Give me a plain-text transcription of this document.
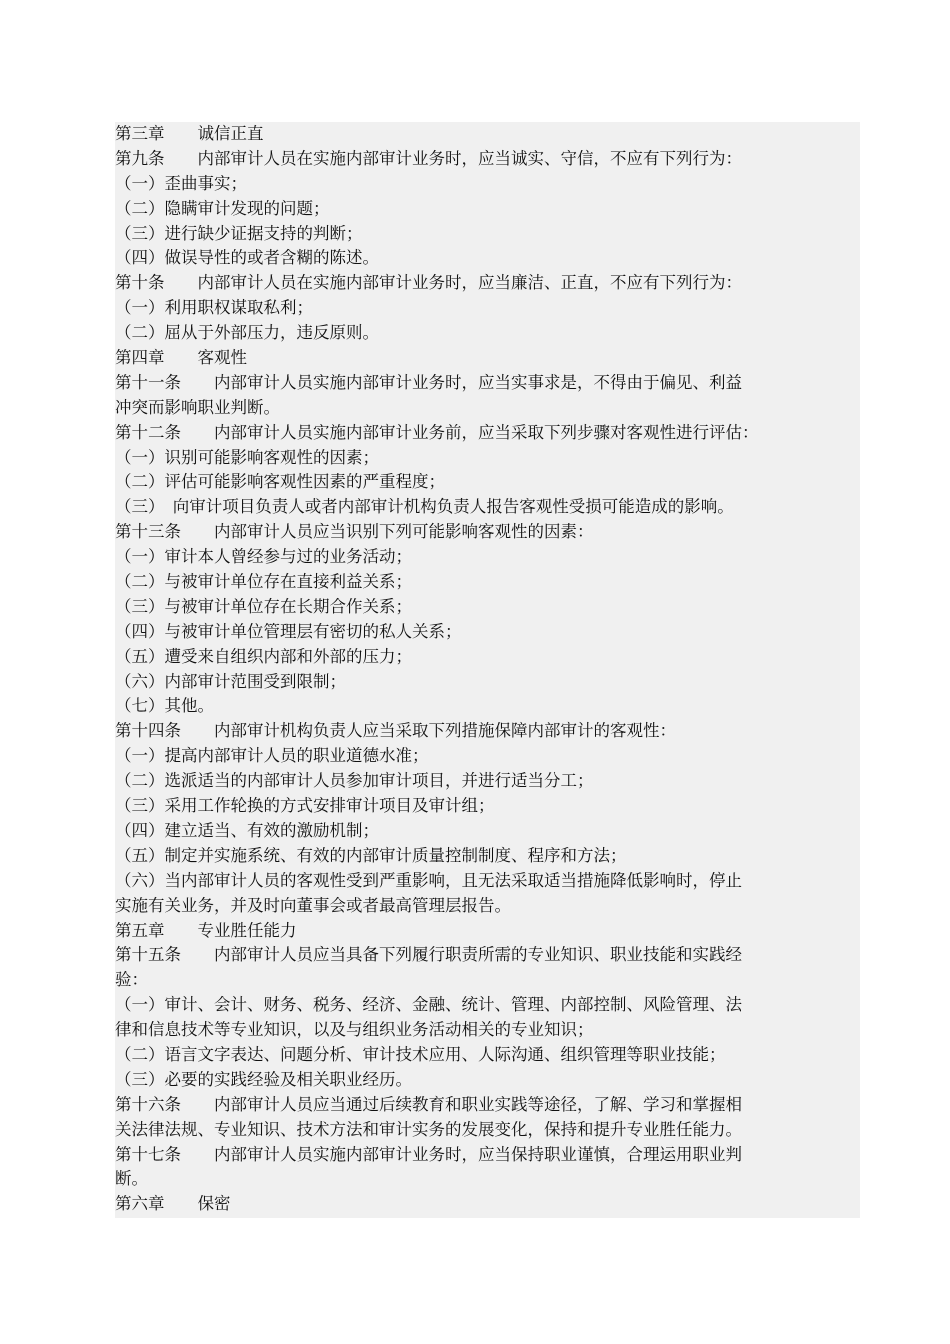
第三章　　诚信正直
第九条　　内部审计人员在实施内部审计业务时，应当诚实、守信，不应有下列行为：
（一）歪曲事实；
（二）隐瞒审计发现的问题；
（三）进行缺少证据支持的判断；
（四）做误导性的或者含糊的陈述。
第十条　　内部审计人员在实施内部审计业务时，应当廉洁、正直，不应有下列行为：
（一）利用职权谋取私利；
（二）屈从于外部压力，违反原则。
第四章　　客观性
第十一条　　内部审计人员实施内部审计业务时，应当实事求是，不得由于偏见、利益
冲突而影响职业判断。
第十二条　　内部审计人员实施内部审计业务前，应当采取下列步骤对客观性进行评估：
（一）识别可能影响客观性的因素；
（二）评估可能影响客观性因素的严重程度；
（三）　向审计项目负责人或者内部审计机构负责人报告客观性受损可能造成的影响。
第十三条　　内部审计人员应当识别下列可能影响客观性的因素：
（一）审计本人曾经参与过的业务活动；
（二）与被审计单位存在直接利益关系；
（三）与被审计单位存在长期合作关系；
（四）与被审计单位管理层有密切的私人关系；
（五）遭受来自组织内部和外部的压力；
（六）内部审计范围受到限制；
（七）其他。
第十四条　　内部审计机构负责人应当采取下列措施保障内部审计的客观性：
（一）提高内部审计人员的职业道德水准；
（二）选派适当的内部审计人员参加审计项目，并进行适当分工；
（三）采用工作轮换的方式安排审计项目及审计组；
（四）建立适当、有效的激励机制；
（五）制定并实施系统、有效的内部审计质量控制制度、程序和方法；
（六）当内部审计人员的客观性受到严重影响，且无法采取适当措施降低影响时，停止
实施有关业务，并及时向董事会或者最高管理层报告。
第五章　　专业胜任能力
第十五条　　内部审计人员应当具备下列履行职责所需的专业知识、职业技能和实践经
验：
（一）审计、会计、财务、税务、经济、金融、统计、管理、内部控制、风险管理、法
律和信息技术等专业知识，以及与组织业务活动相关的专业知识；
（二）语言文字表达、问题分析、审计技术应用、人际沟通、组织管理等职业技能；
（三）必要的实践经验及相关职业经历。
第十六条　　内部审计人员应当通过后续教育和职业实践等途径，了解、学习和掌握相
关法律法规、专业知识、技术方法和审计实务的发展变化，保持和提升专业胜任能力。
第十七条　　内部审计人员实施内部审计业务时，应当保持职业谨慎，合理运用职业判
断。
第六章　　保密
